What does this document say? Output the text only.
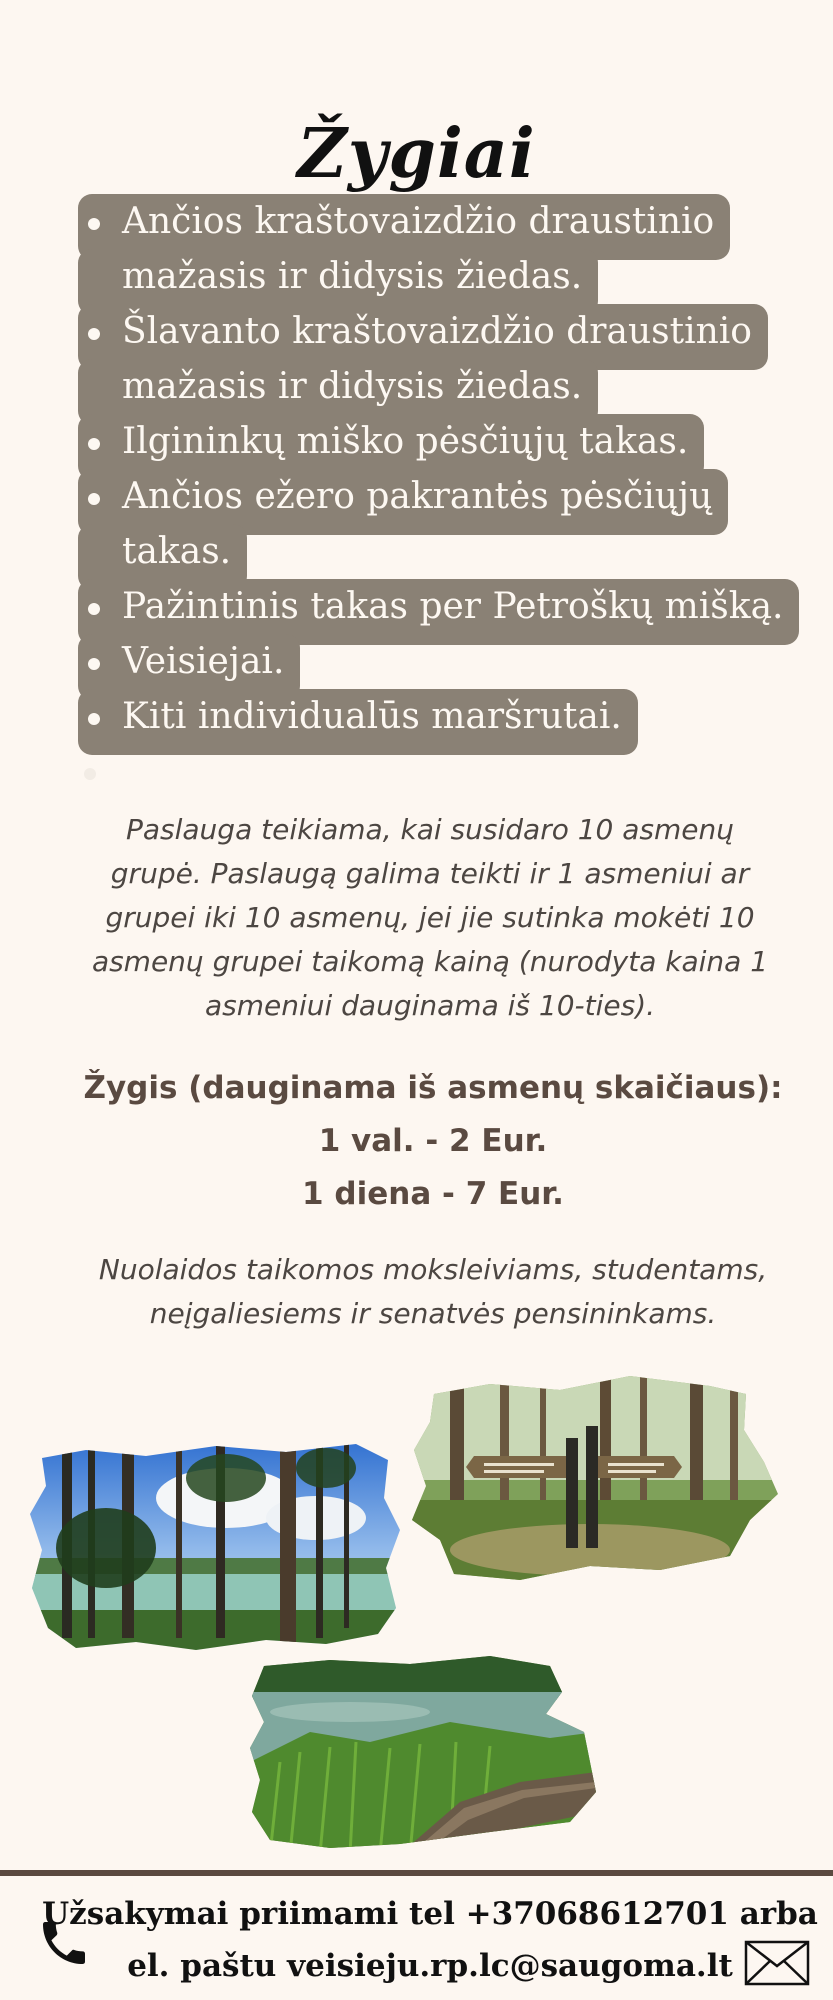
Žygiai
Ančios kraštovaizdžio draustinio
mažasis ir didysis žiedas.
Šlavanto kraštovaizdžio draustinio
mažasis ir didysis žiedas.
Ilgininkų miško pėsčiųjų takas.
Ančios ežero pakrantės pėsčiųjų
takas.
Pažintinis takas per Petroškų mišką.
Veisiejai.
Kiti individualūs maršrutai.
Paslauga teikiama, kai susidaro 10 asmenų
grupė. Paslaugą galima teikti ir 1 asmeniui ar
grupei iki 10 asmenų, jei jie sutinka mokėti 10
asmenų grupei taikomą kainą (nurodyta kaina 1
asmeniui dauginama iš 10-ties).
Žygis (dauginama iš asmenų skaičiaus):
1 val. - 2 Eur.
1 diena - 7 Eur.
Nuolaidos taikomos moksleiviams, studentams,
neįgaliesiems ir senatvės pensininkams.
Užsakymai priimami tel +37068612701 arba
el. paštu veisieju.rp.lc@saugoma.lt
